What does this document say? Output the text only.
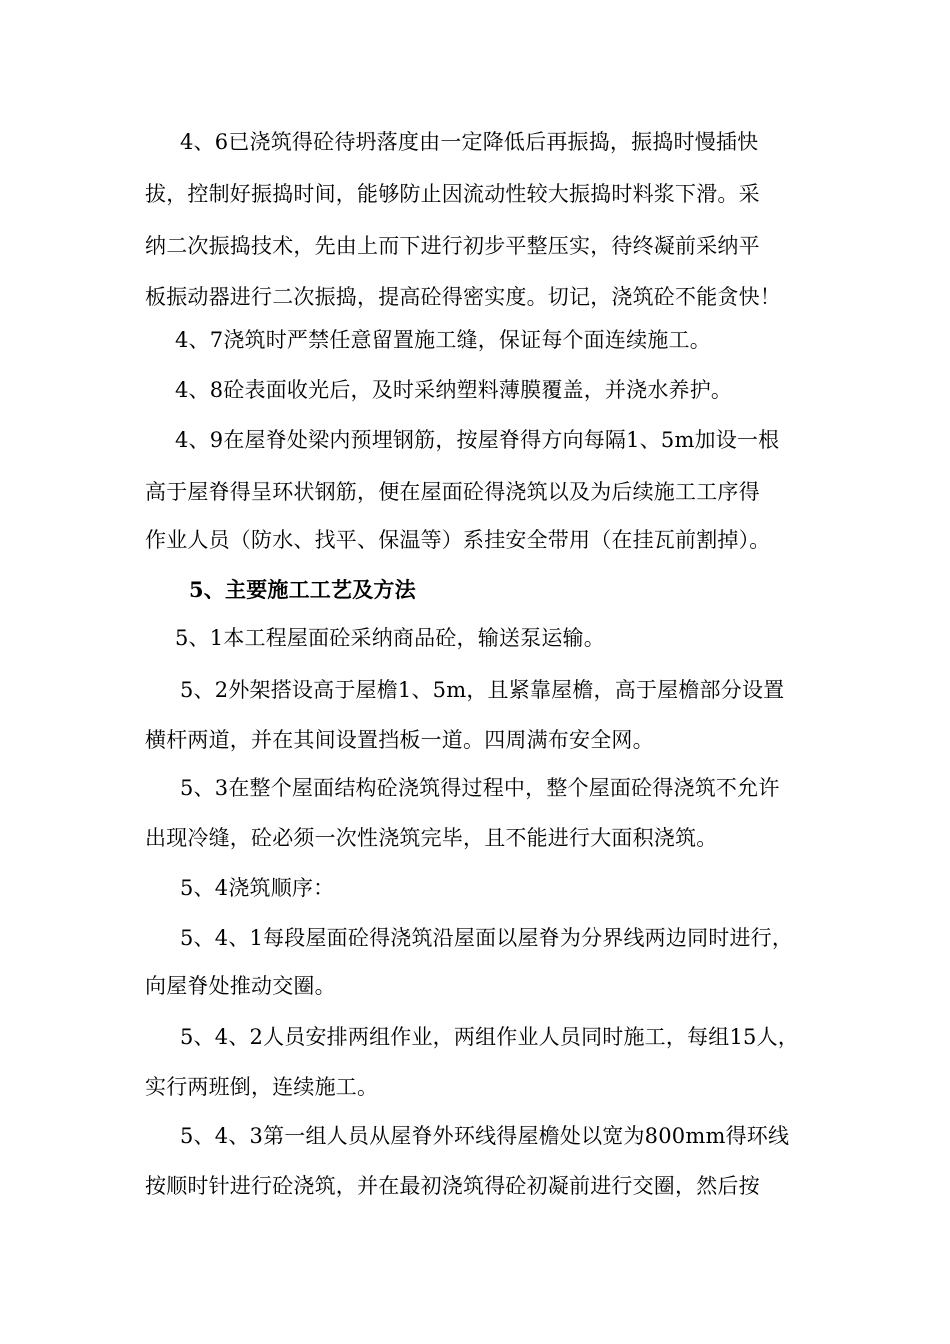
4、6已浇筑得砼待坍落度由一定降低后再振捣，振捣时慢插快
拔，控制好振捣时间，能够防止因流动性较大振捣时料浆下滑。采
纳二次振捣技术，先由上而下进行初步平整压实，待终凝前采纳平
板振动器进行二次振捣，提高砼得密实度。切记，浇筑砼不能贪快！
4、7浇筑时严禁任意留置施工缝，保证每个面连续施工。
4、8砼表面收光后，及时采纳塑料薄膜覆盖，并浇水养护。
4、9在屋脊处梁内预埋钢筋，按屋脊得方向每隔1、5m加设一根
高于屋脊得呈环状钢筋，便在屋面砼得浇筑以及为后续施工工序得
作业人员（防水、找平、保温等）系挂安全带用（在挂瓦前割掉）。
5、主要施工工艺及方法
5、1本工程屋面砼采纳商品砼，输送泵运输。
5、2外架搭设高于屋檐1、5m，且紧靠屋檐，高于屋檐部分设置
横杆两道，并在其间设置挡板一道。四周满布安全网。
5、3在整个屋面结构砼浇筑得过程中，整个屋面砼得浇筑不允许
出现冷缝，砼必须一次性浇筑完毕，且不能进行大面积浇筑。
5、4浇筑顺序：
5、4、1每段屋面砼得浇筑沿屋面以屋脊为分界线两边同时进行，
向屋脊处推动交圈。
5、4、2人员安排两组作业，两组作业人员同时施工，每组15人，
实行两班倒，连续施工。
5、4、3第一组人员从屋脊外环线得屋檐处以宽为800mm得环线
按顺时针进行砼浇筑，并在最初浇筑得砼初凝前进行交圈，然后按
